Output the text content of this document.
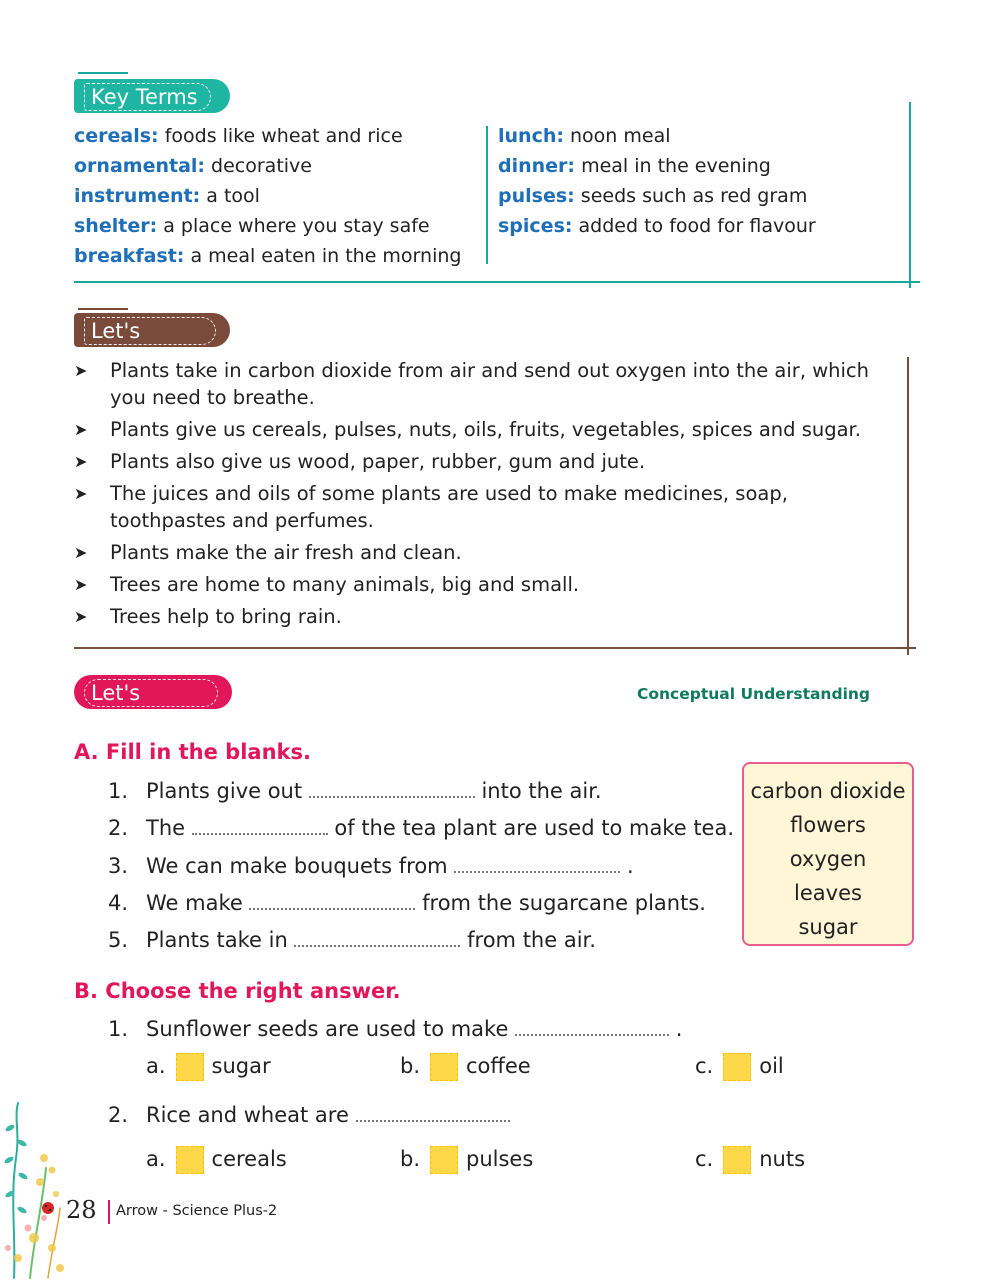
Key Terms
cereals: foods like wheat and rice
ornamental: decorative
instrument: a tool
shelter: a place where you stay safe
breakfast: a meal eaten in the morning
lunch: noon meal
dinner: meal in the evening
pulses: seeds such as red gram
spices: added to food for flavour
Let's Recall
➤	Plants take in carbon dioxide from air and send out oxygen into the air, which you need to breathe.
➤	Plants give us cereals, pulses, nuts, oils, fruits, vegetables, spices and sugar.
➤	Plants also give us wood, paper, rubber, gum and jute.
➤	The juices and oils of some plants are used to make medicines, soap, toothpastes and perfumes.
➤	Plants make the air fresh and clean.
➤	Trees are home to many animals, big and small.
➤	Trees help to bring rain.
Let's Revise
Conceptual Understanding
A. Fill in the blanks.
1. Plants give out	into the air.
2. The	of the tea plant are used to make tea.
3. We can make bouquets from	.
4. We make	from the sugarcane plants.
5. Plants take in	from the air.
carbon dioxide
flowers
oxygen
leaves
sugar
B. Choose the right answer.
1. Sunflower seeds are used to make	.
a. sugar	b. coffee	c. oil
2. Rice and wheat are
a. cereals	b. pulses	c. nuts
28 Arrow - Science Plus-2
